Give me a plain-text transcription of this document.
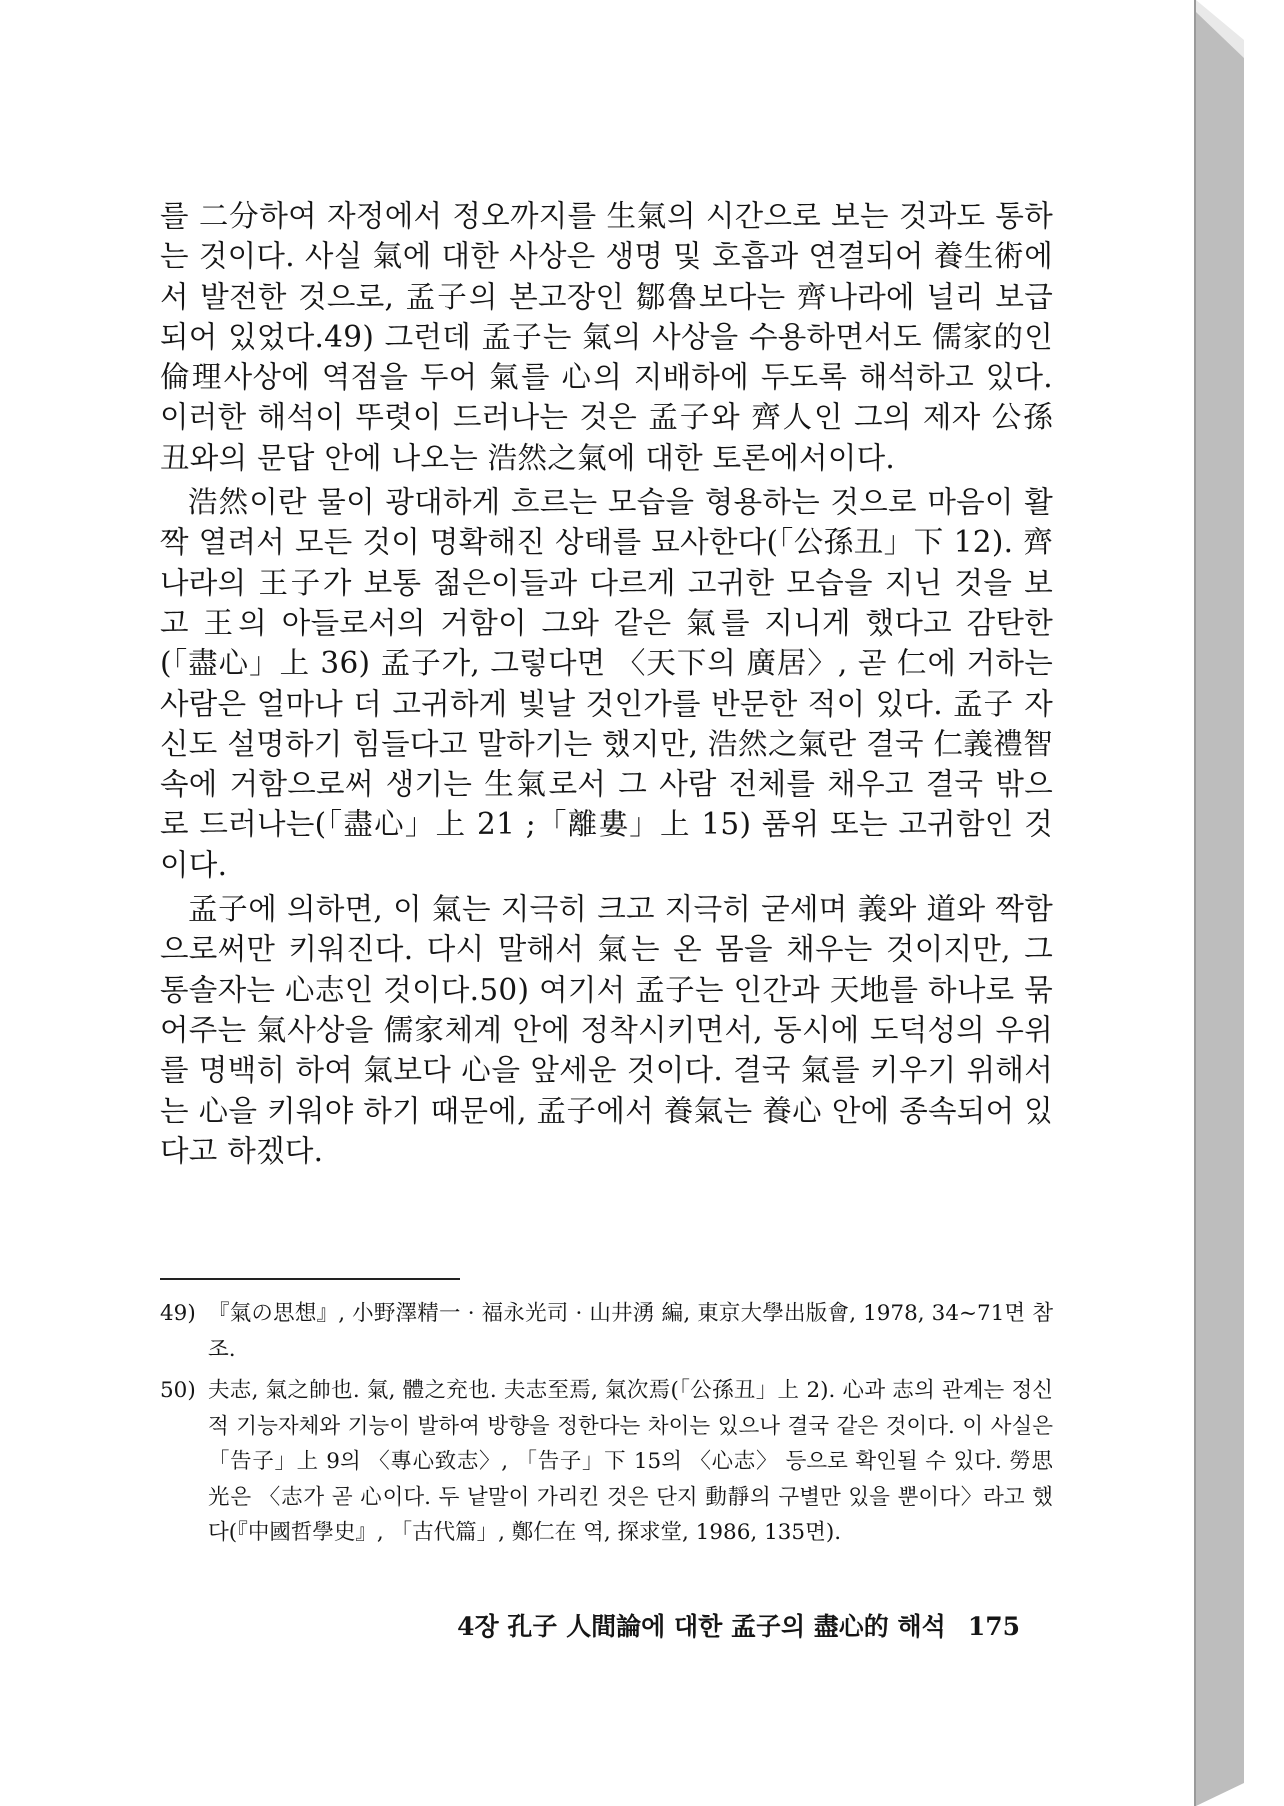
를 二分하여 자정에서 정오까지를 生氣의 시간으로 보는 것과도 통하는 것이다. 사실 氣에 대한 사상은 생명 및 호흡과 연결되어 養生術에서 발전한 것으로, 孟子의 본고장인 鄒魯보다는 齊나라에 널리 보급되어 있었다.49) 그런데 孟子는 氣의 사상을 수용하면서도 儒家的인 倫理사상에 역점을 두어 氣를 心의 지배하에 두도록 해석하고 있다. 이러한 해석이 뚜렷이 드러나는 것은 孟子와 齊人인 그의 제자 公孫丑와의 문답 안에 나오는 浩然之氣에 대한 토론에서이다.

浩然이란 물이 광대하게 흐르는 모습을 형용하는 것으로 마음이 활짝 열려서 모든 것이 명확해진 상태를 묘사한다(「公孫丑」下 12). 齊나라의 王子가 보통 젊은이들과 다르게 고귀한 모습을 지닌 것을 보고 王의 아들로서의 거함이 그와 같은 氣를 지니게 했다고 감탄한(「盡心」上 36) 孟子가, 그렇다면 〈天下의 廣居〉, 곧 仁에 거하는 사람은 얼마나 더 고귀하게 빛날 것인가를 반문한 적이 있다. 孟子 자신도 설명하기 힘들다고 말하기는 했지만, 浩然之氣란 결국 仁義禮智 속에 거함으로써 생기는 生氣로서 그 사람 전체를 채우고 결국 밖으로 드러나는(「盡心」上 21 ;「離婁」上 15) 품위 또는 고귀함인 것이다.

孟子에 의하면, 이 氣는 지극히 크고 지극히 굳세며 義와 道와 짝함으로써만 키워진다. 다시 말해서 氣는 온 몸을 채우는 것이지만, 그 통솔자는 心志인 것이다.50) 여기서 孟子는 인간과 天地를 하나로 묶어주는 氣사상을 儒家체계 안에 정착시키면서, 동시에 도덕성의 우위를 명백히 하여 氣보다 心을 앞세운 것이다. 결국 氣를 키우기 위해서는 心을 키워야 하기 때문에, 孟子에서 養氣는 養心 안에 종속되어 있다고 하겠다.

49) 『氣の思想』, 小野澤精一 · 福永光司 · 山井湧 編, 東京大學出版會, 1978, 34~71면 참조.
50) 夫志, 氣之帥也. 氣, 體之充也. 夫志至焉, 氣次焉(「公孫丑」上 2). 心과 志의 관계는 정신적 기능자체와 기능이 발하여 방향을 정한다는 차이는 있으나 결국 같은 것이다. 이 사실은 「告子」上 9의 〈專心致志〉, 「告子」下 15의 〈心志〉 등으로 확인될 수 있다. 勞思光은 〈志가 곧 心이다. 두 낱말이 가리킨 것은 단지 動靜의 구별만 있을 뿐이다〉라고 했다(『中國哲學史』, 「古代篇」, 鄭仁在 역, 探求堂, 1986, 135면).
4장 孔子 人間論에 대한 孟子의 盡心的 해석 175
